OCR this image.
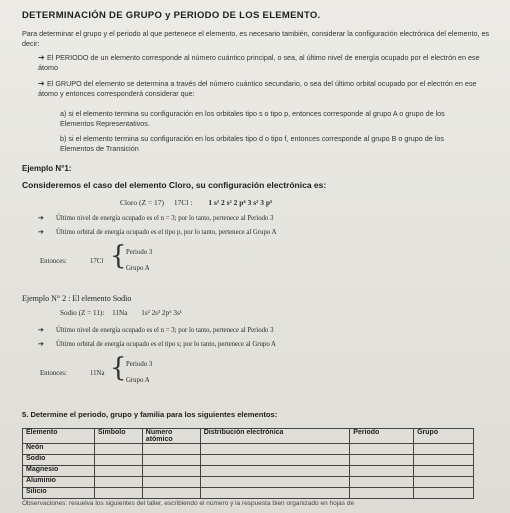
DETERMINACIÓN DE GRUPO y PERIODO DE LOS ELEMENTO.
Para determinar el grupo y el periodo al que pertenece el elemento, es necesario también, considerar la configuración electrónica del elemento, es decir:
➔ El PERIODO de un elemento corresponde al número cuántico principal, o sea, al último nivel de energía ocupado por el electrón en ese átomo
➔ El GRUPO del elemento se determina a través del número cuántico secundario, o sea del último orbital ocupado por el electrón en ese átomo y entonces corresponderá considerar que:
a) si el elemento termina su configuración en los orbitales tipo s o tipo p, entonces corresponde al grupo A o grupo de los Elementos Representativos.
b) si el elemento termina su configuración en los orbitales tipo d o tipo f, entonces corresponde al grupo B o grupo de los Elementos de Transición
Ejemplo N°1:
Consideremos el caso del elemento Cloro, su configuración electrónica es:
Cloro (Z = 17) 17Cl : 1 s² 2 s² 2 p⁶ 3 s² 3 p⁵
➔ Último nivel de energía ocupado es el n = 3; por lo tanto, pertenece al Periodo 3
➔ Último orbital de energía ocupado es el tipo p, por lo tanto, pertenece al Grupo A
Entonces:	17Cl { Periodo 3
Grupo A
Ejemplo N° 2 : El elemento Sodio
Sodio (Z = 11): 11Na 1s² 2s² 2p⁶ 3s¹
➔ Último nivel de energía ocupado es el n = 3; por lo tanto, pertenece al Periodo 3
➔ Último orbital de energía ocupado es el tipo s; por lo tanto, pertenece al Grupo A
Entonces:	11Na { Periodo 3
Grupo A
5. Determine el periodo, grupo y familia para los siguientes elementos:
Elemento	Símbolo	Numero atómico	Distribución electrónica	Periodo	Grupo
Neón					
Sodio					
Magnesio					
Aluminio					
Silicio					
Observaciones: resuelva los siguientes del taller, escribiendo el número y la respuesta bien organizado en hojas de
